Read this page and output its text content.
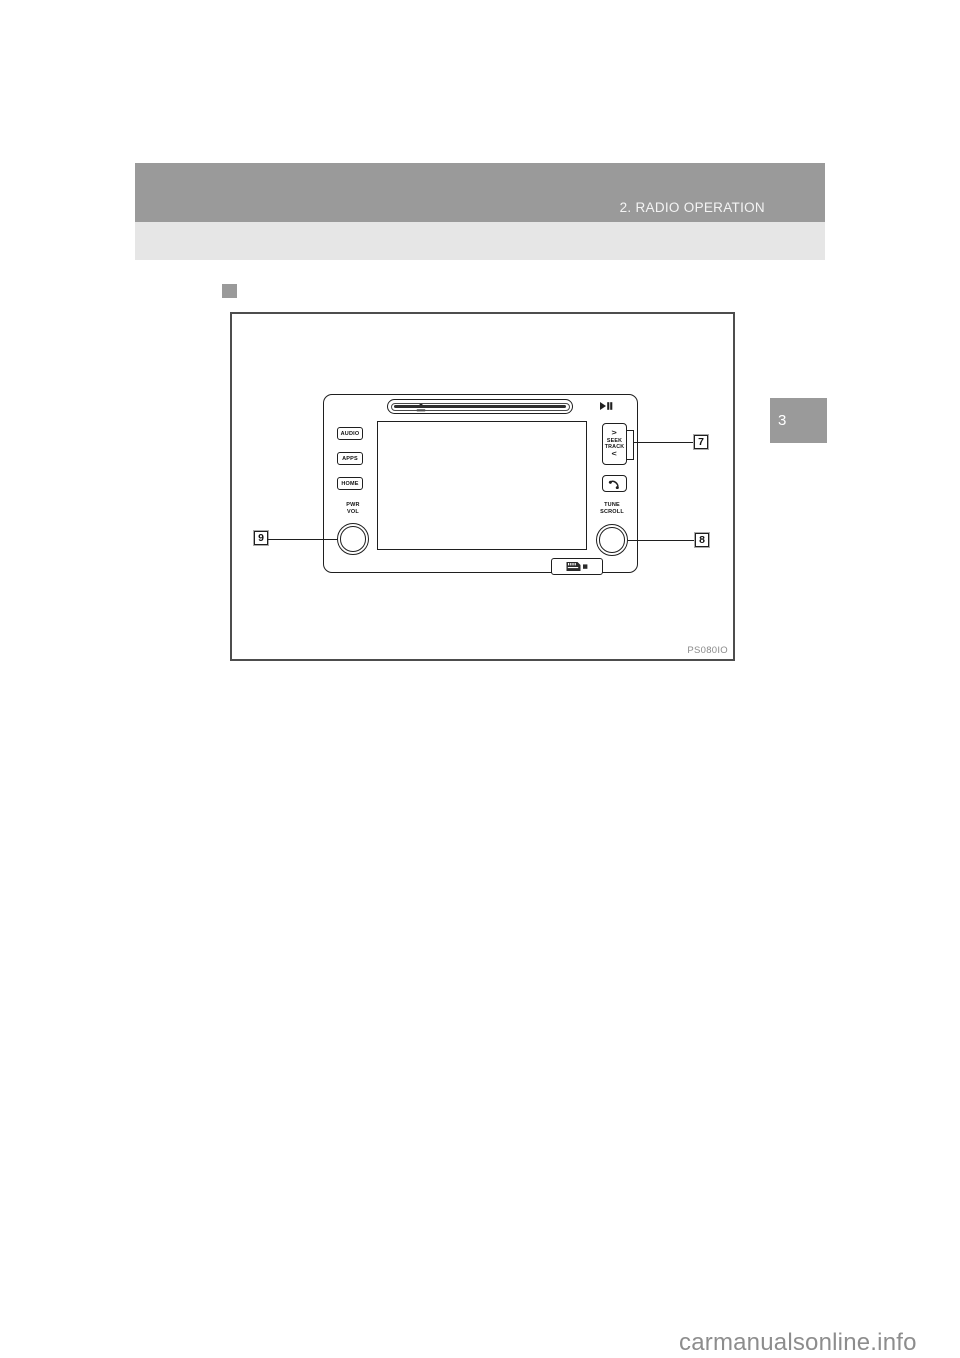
2. RADIO OPERATION
3
AUDIO
APPS
HOME
PWR
VOL
>
SEEK
TRACK
<
TUNE
SCROLL
7
8
9
PS080IO
carmanualsonline.info
